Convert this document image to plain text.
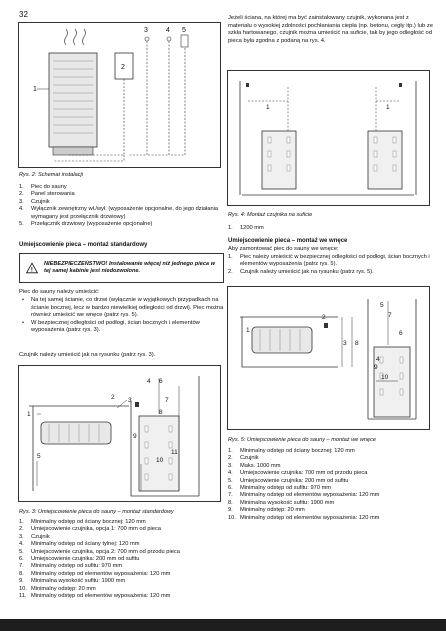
32
3	4 5
2
1
Rys. 2: Schemat instalacji
1. Piec do sauny
2. Panel sterowania
3. Czujnik
4. Wyłącznik zewnętrzny wł./wył. (wyposażenie opcjonalne, do jego działania wymagany jest przełącznik drzwiowy)
5. Przełącznik drzwiowy (wyposażenie opcjonalne)
Umiejscowienie pieca – montaż standardowy
!
NIEBEZPIECZEŃSTWO! Instalowanie więcej niż jednego pieca w tej samej kabinie jest niedozwolone.
Piec do sauny należy umieścić:
• Na tej samej ścianie, co drzwi (wyłącznie w wyjątkowych przypadkach na ścianie bocznej, lecz w bardzo niewielkiej odległości od drzwi). Piec można również umieścić we wnęce (patrz rys. 5).
• W bezpiecznej odległości od podłogi, ścian bocznych i elementów wyposażenia (patrz rys. 3).
Czujnik należy umieścić jak na rysunku (patrz rys. 3).
1
2 3
4
5
6
7
8
9
10
11
Rys. 3: Umiejscowienie pieca do sauny – montaż standardowy
1. Minimalny odstęp od ściany bocznej: 120 mm
2. Umiejscowienie czujnika, opcja 1: 700 mm od pieca
3. Czujnik
4. Minimalny odstęp od ściany tylnej: 120 mm
5. Umiejscowienie czujnika, opcja 2: 700 mm od przodu pieca
6. Umiejscowienie czujnika: 200 mm od sufitu
7. Minimalny odstęp od sufitu: 970 mm
8. Minimalny odstęp od elementów wyposażenia: 120 mm
9. Minimalna wysokość sufitu: 1900 mm
10. Minimalny odstęp: 20 mm
11. Minimalny odstęp od elementów wyposażenia: 120 mm
Jeżeli ściana, na której ma być zainstalowany czujnik, wykonana jest z materiału o wysokiej zdolności pochłaniania ciepła (np. betonu, cegły itp.) lub ze szkła hartowanego, czujnik można umieścić na suficie, tak by jego odległość od pieca była zgodna z podaną na rys. 4.
1	1
Rys. 4: Montaż czujnika na suficie
1. 1200 mm
Umiejscowienie pieca – montaż we wnęce
Aby zamontować piec do sauny we wnęce:
1. Piec należy umieścić w bezpiecznej odległości od podłogi, ścian bocznych i elementów wyposażenia (patrz rys. 5).
2. Czujnik należy umieścić jak na rysunku (patrz rys. 5).
1
2
3
4
5
6
7
8
9
10
Rys. 5: Umiejscowienie pieca do sauny – montaż we wnęce
1. Minimalny odstęp od ściany bocznej: 120 mm
2. Czujnik
3. Maks. 1000 mm
4. Umiejscowienie czujnika: 700 mm od przodu pieca
5. Umiejscowienie czujnika: 200 mm od sufitu
6. Minimalny odstęp od sufitu: 970 mm
7. Minimalny odstęp od elementów wyposażenia: 120 mm
8. Minimalna wysokość sufitu: 1900 mm
9. Minimalny odstęp: 20 mm
10. Minimalny odstęp od elementów wyposażenia: 120 mm
